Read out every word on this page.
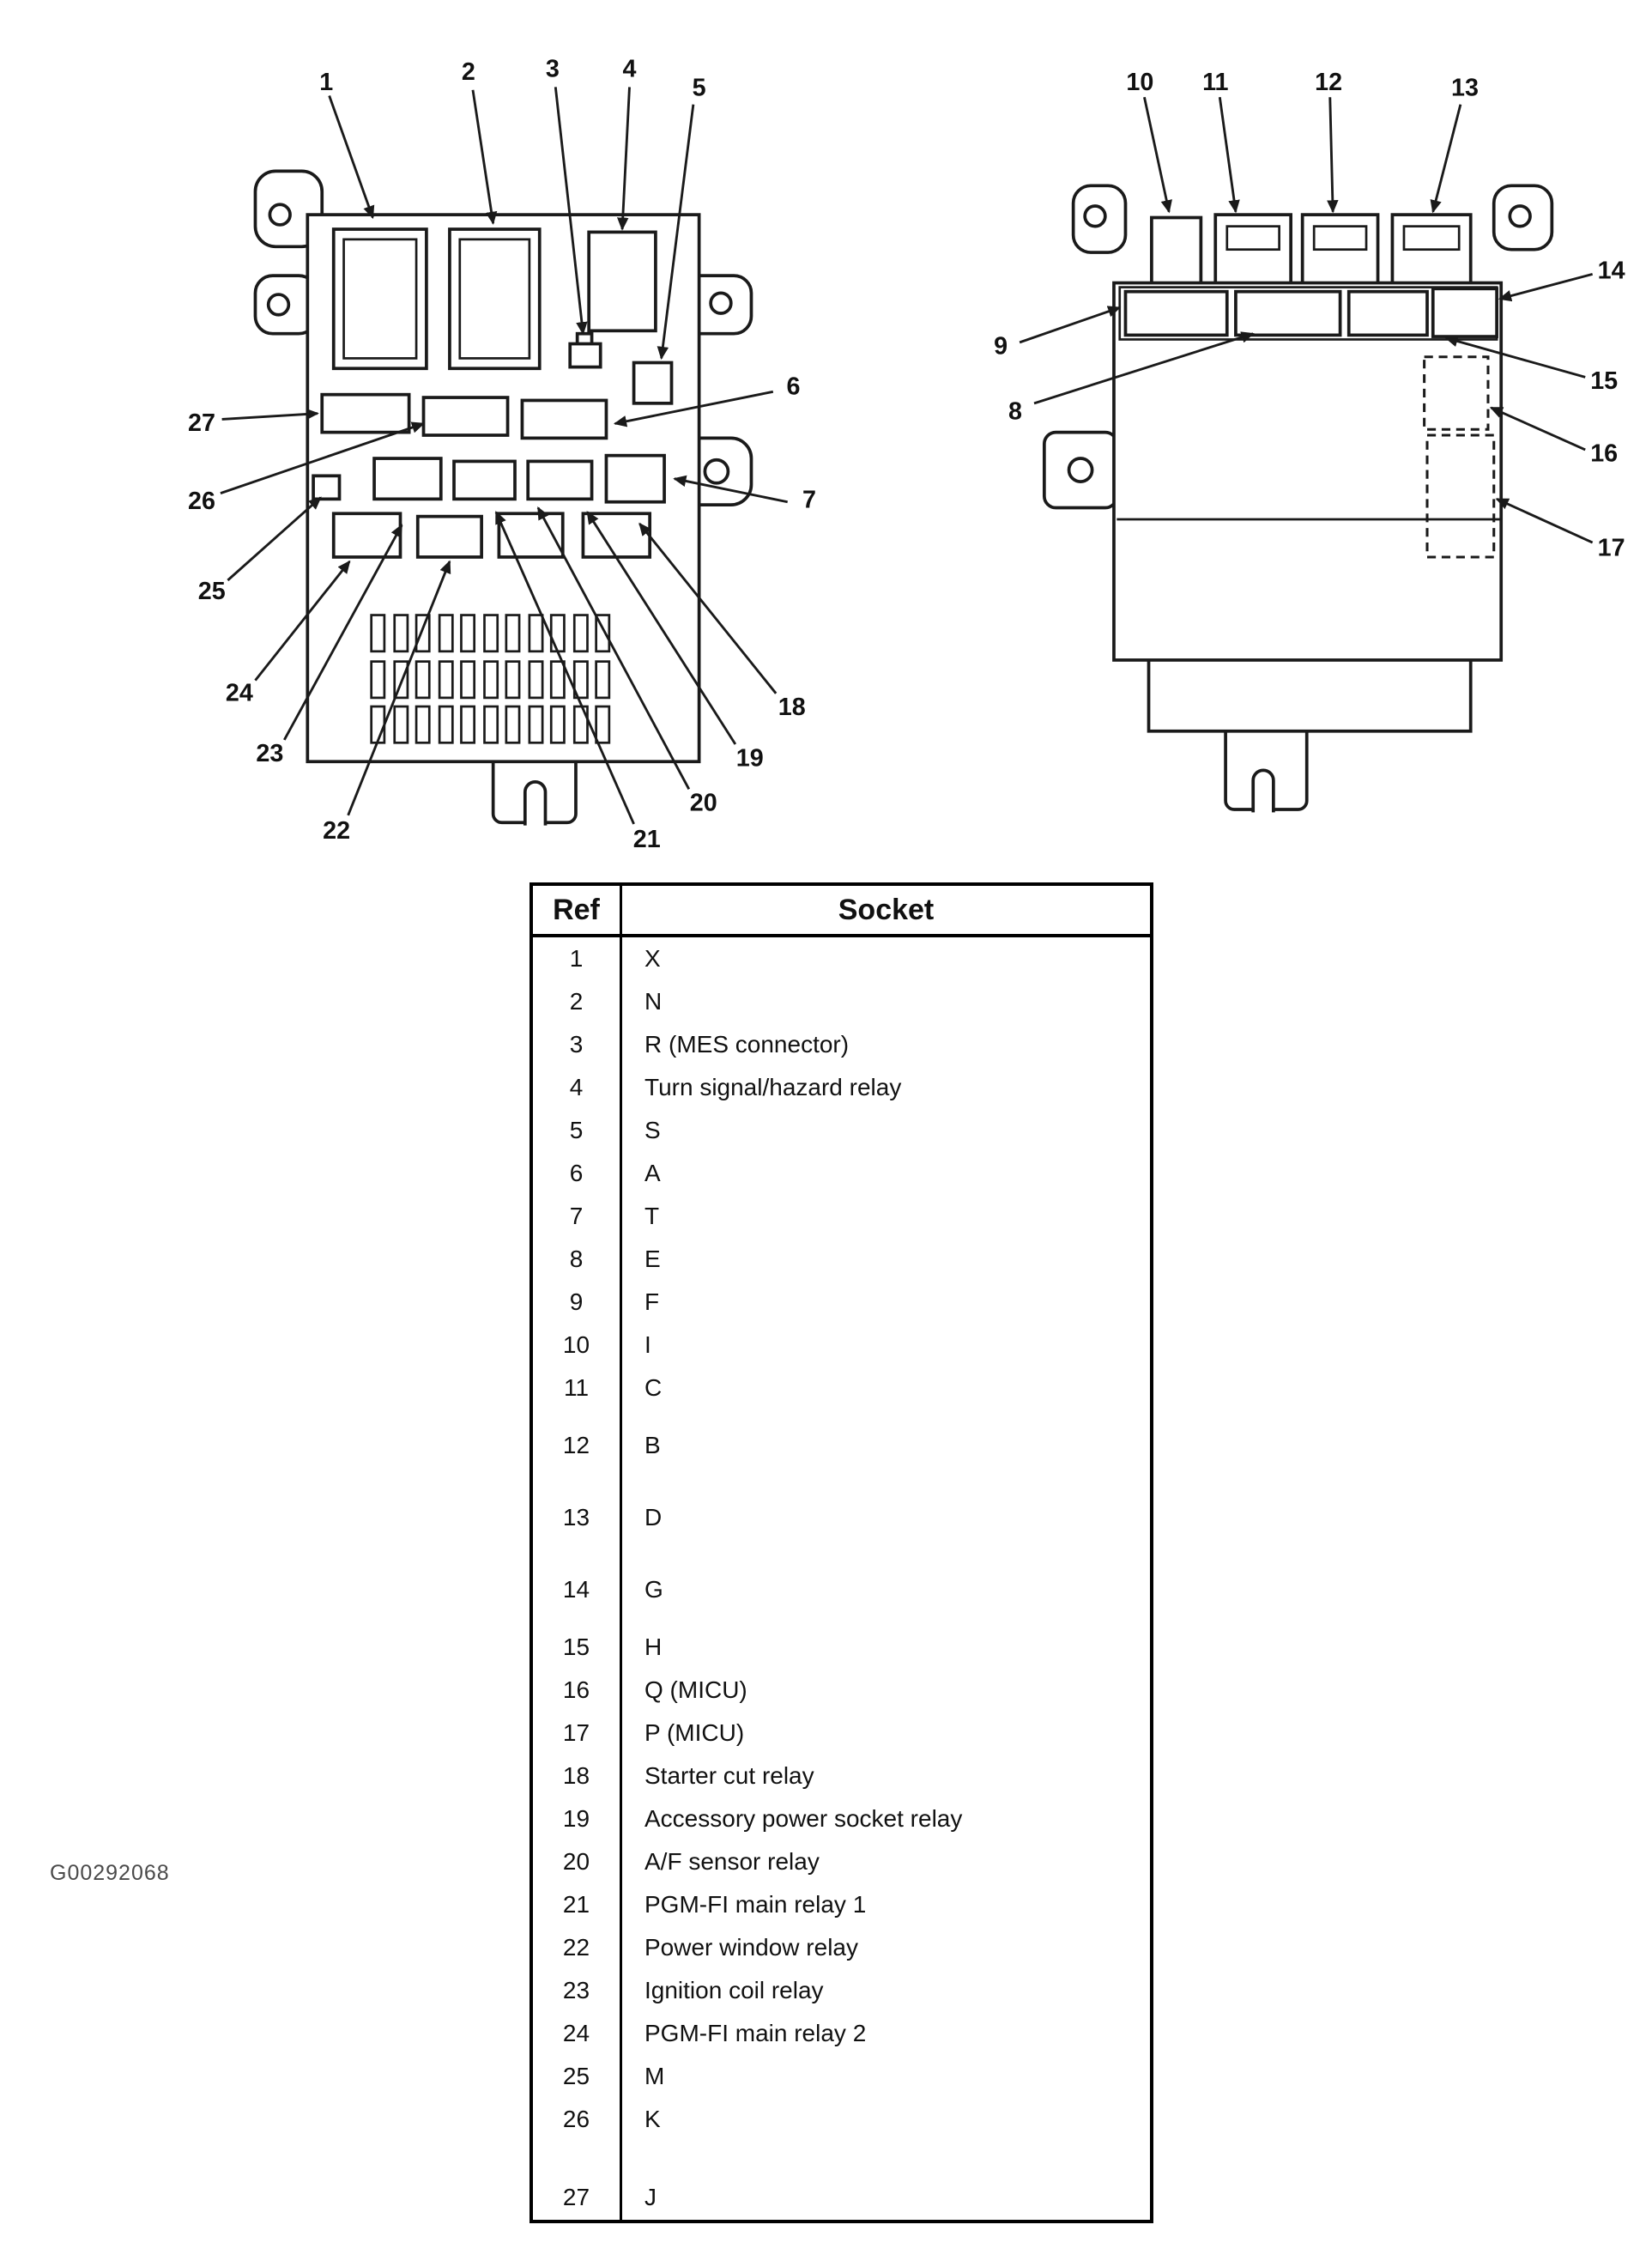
1	2	3	4
5
6
7
18
19
20
21
22
23
24
25
26
27
10	11	12	13
14
9
8
15
16
17
Ref	Socket
1	X
2	N
3	R (MES connector)
4	Turn signal/hazard relay
5	S
6	A
7	T
8	E
9	F
10	I
11	C
12	B
13	D
14	G
15	H
16	Q (MICU)
17	P (MICU)
18	Starter cut relay
19	Accessory power socket relay
20	A/F sensor relay
21	PGM-FI main relay 1
22	Power window relay
23	Ignition coil relay
24	PGM-FI main relay 2
25	M
26	K
27	J
G00292068
